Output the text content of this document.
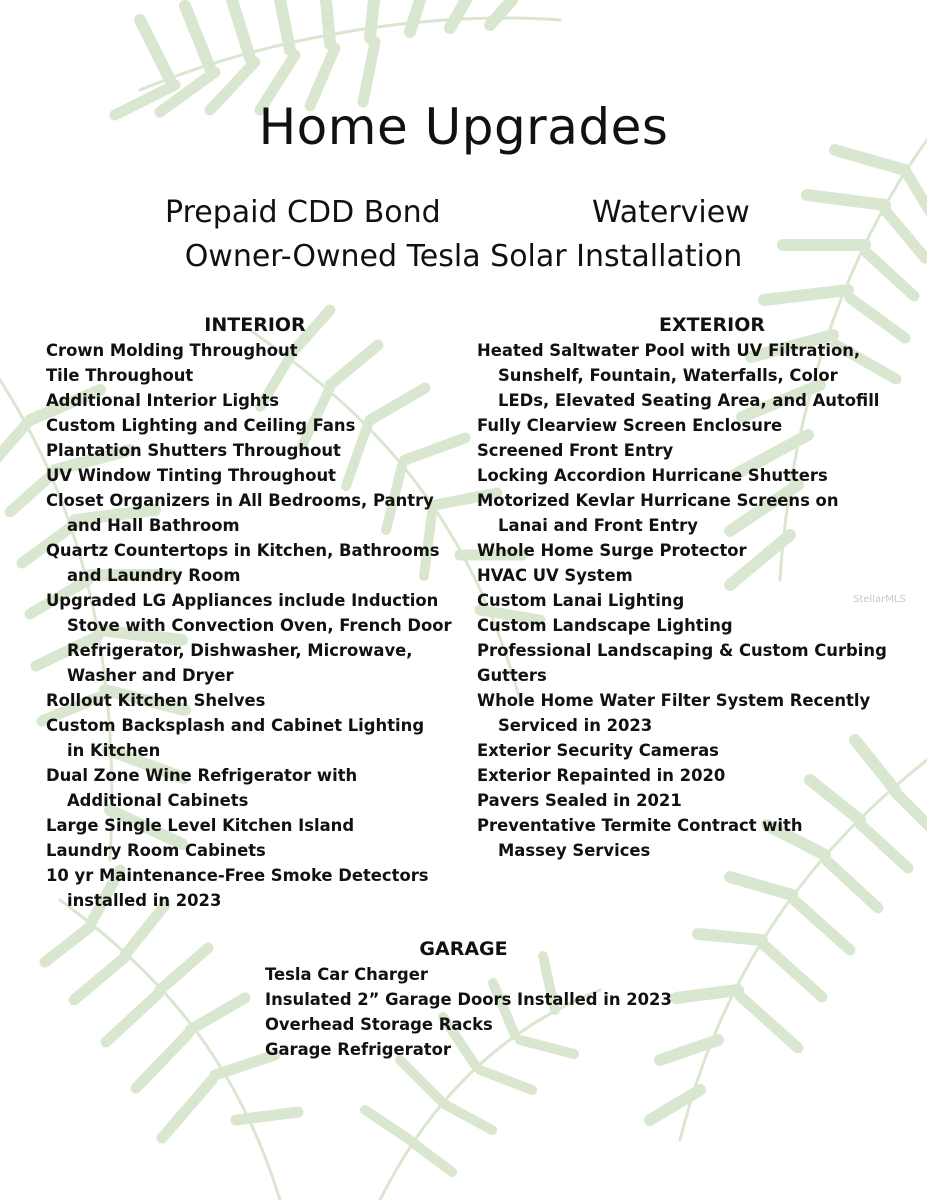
Home Upgrades
Prepaid CDD Bond	Waterview
Owner-Owned Tesla Solar Installation
INTERIOR
Crown Molding Throughout
Tile Throughout
Additional Interior Lights
Custom Lighting and Ceiling Fans
Plantation Shutters Throughout
UV Window Tinting Throughout
Closet Organizers in All Bedrooms, Pantry
and Hall Bathroom
Quartz Countertops in Kitchen, Bathrooms
and Laundry Room
Upgraded LG Appliances include Induction
Stove with Convection Oven, French Door
Refrigerator, Dishwasher, Microwave,
Washer and Dryer
Rollout Kitchen Shelves
Custom Backsplash and Cabinet Lighting
in Kitchen
Dual Zone Wine Refrigerator with
Additional Cabinets
Large Single Level Kitchen Island
Laundry Room Cabinets
10 yr Maintenance-Free Smoke Detectors
installed in 2023
EXTERIOR
Heated Saltwater Pool with UV Filtration,
Sunshelf, Fountain, Waterfalls, Color
LEDs, Elevated Seating Area, and Autofill
Fully Clearview Screen Enclosure
Screened Front Entry
Locking Accordion Hurricane Shutters
Motorized Kevlar Hurricane Screens on
Lanai and Front Entry
Whole Home Surge Protector
HVAC UV System
Custom Lanai Lighting
Custom Landscape Lighting
Professional Landscaping & Custom Curbing
Gutters
Whole Home Water Filter System Recently
Serviced in 2023
Exterior Security Cameras
Exterior Repainted in 2020
Pavers Sealed in 2021
Preventative Termite Contract with
Massey Services
GARAGE
Tesla Car Charger
Insulated 2” Garage Doors Installed in 2023
Overhead Storage Racks
Garage Refrigerator
StellarMLS
